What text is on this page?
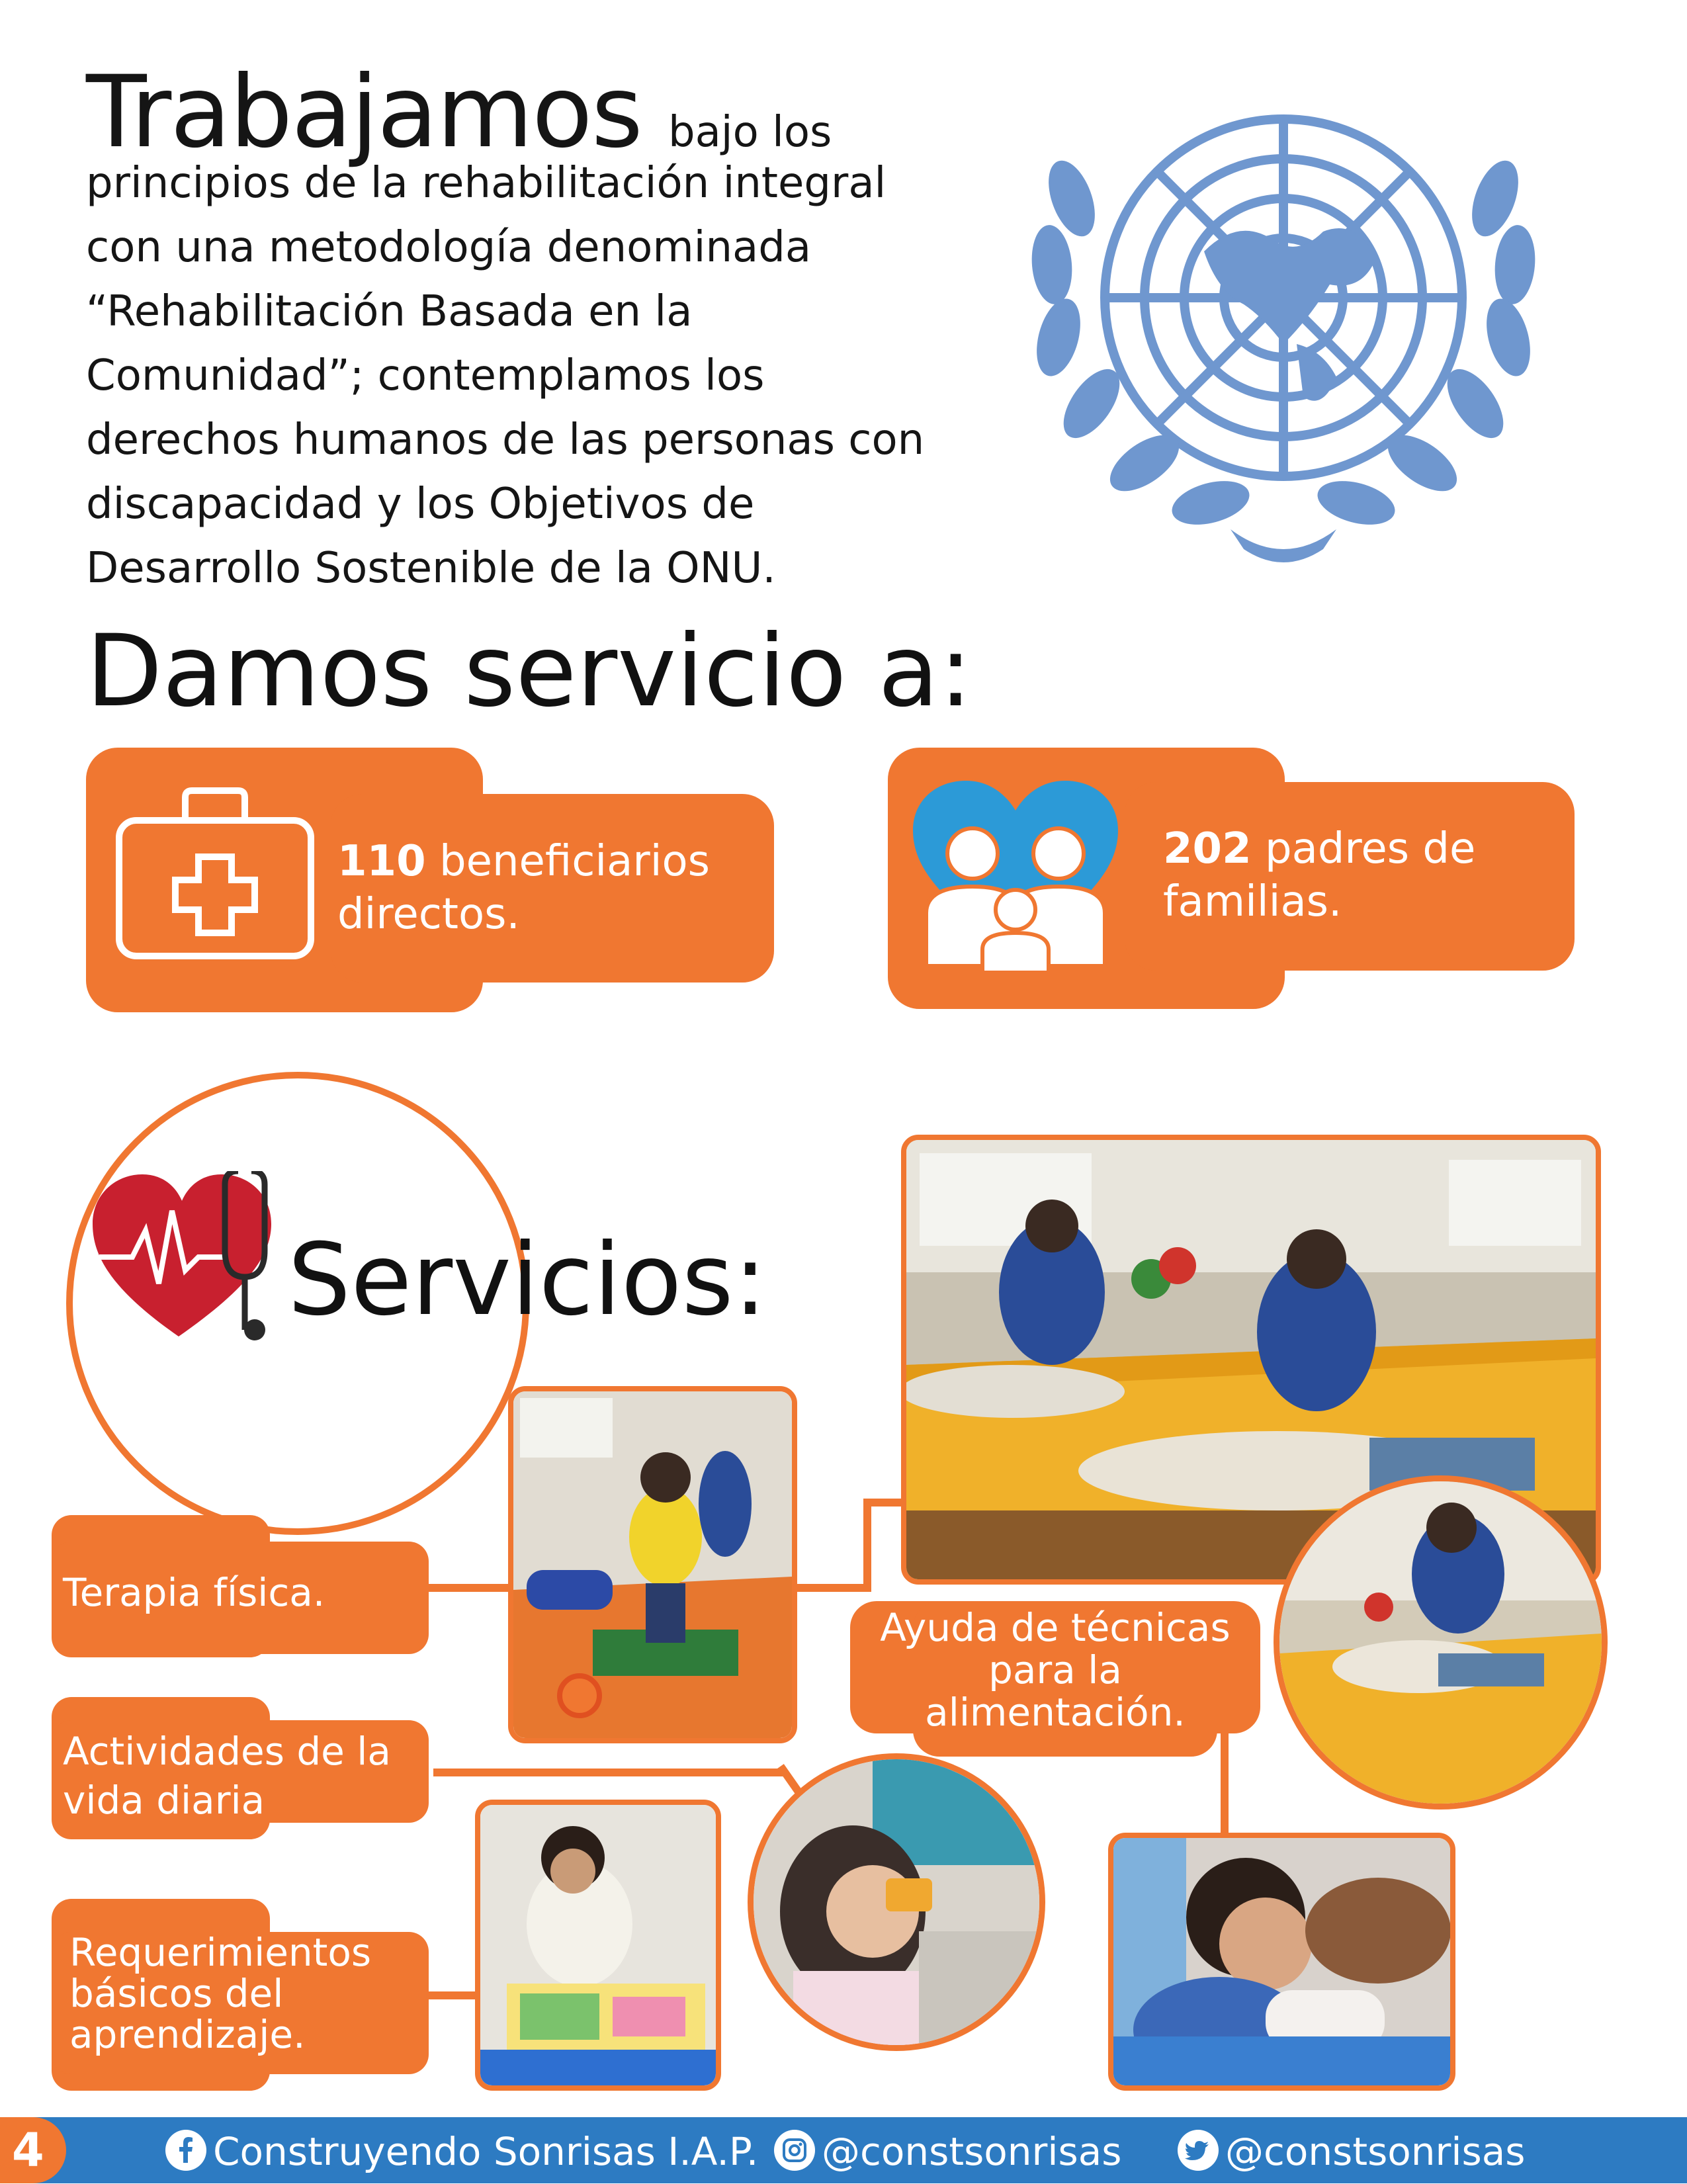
Trabajamos bajo los
principios de la rehabilitación integral
con una metodología denominada
“Rehabilitación Basada en la
Comunidad”; contemplamos los
derechos humanos de las personas con
discapacidad y los Objetivos de
Desarrollo Sostenible de la ONU.
Damos servicio a:
110 beneficiarios
directos.
202 padres de
familias.
Servicios:
Terapia física.
Actividades de la
vida diaria
Requerimientos
básicos del
aprendizaje.
Ayuda de técnicas
para la
alimentación.
4	Construyendo Sonrisas I.A.P.	@constsonrisas	@constsonrisas
